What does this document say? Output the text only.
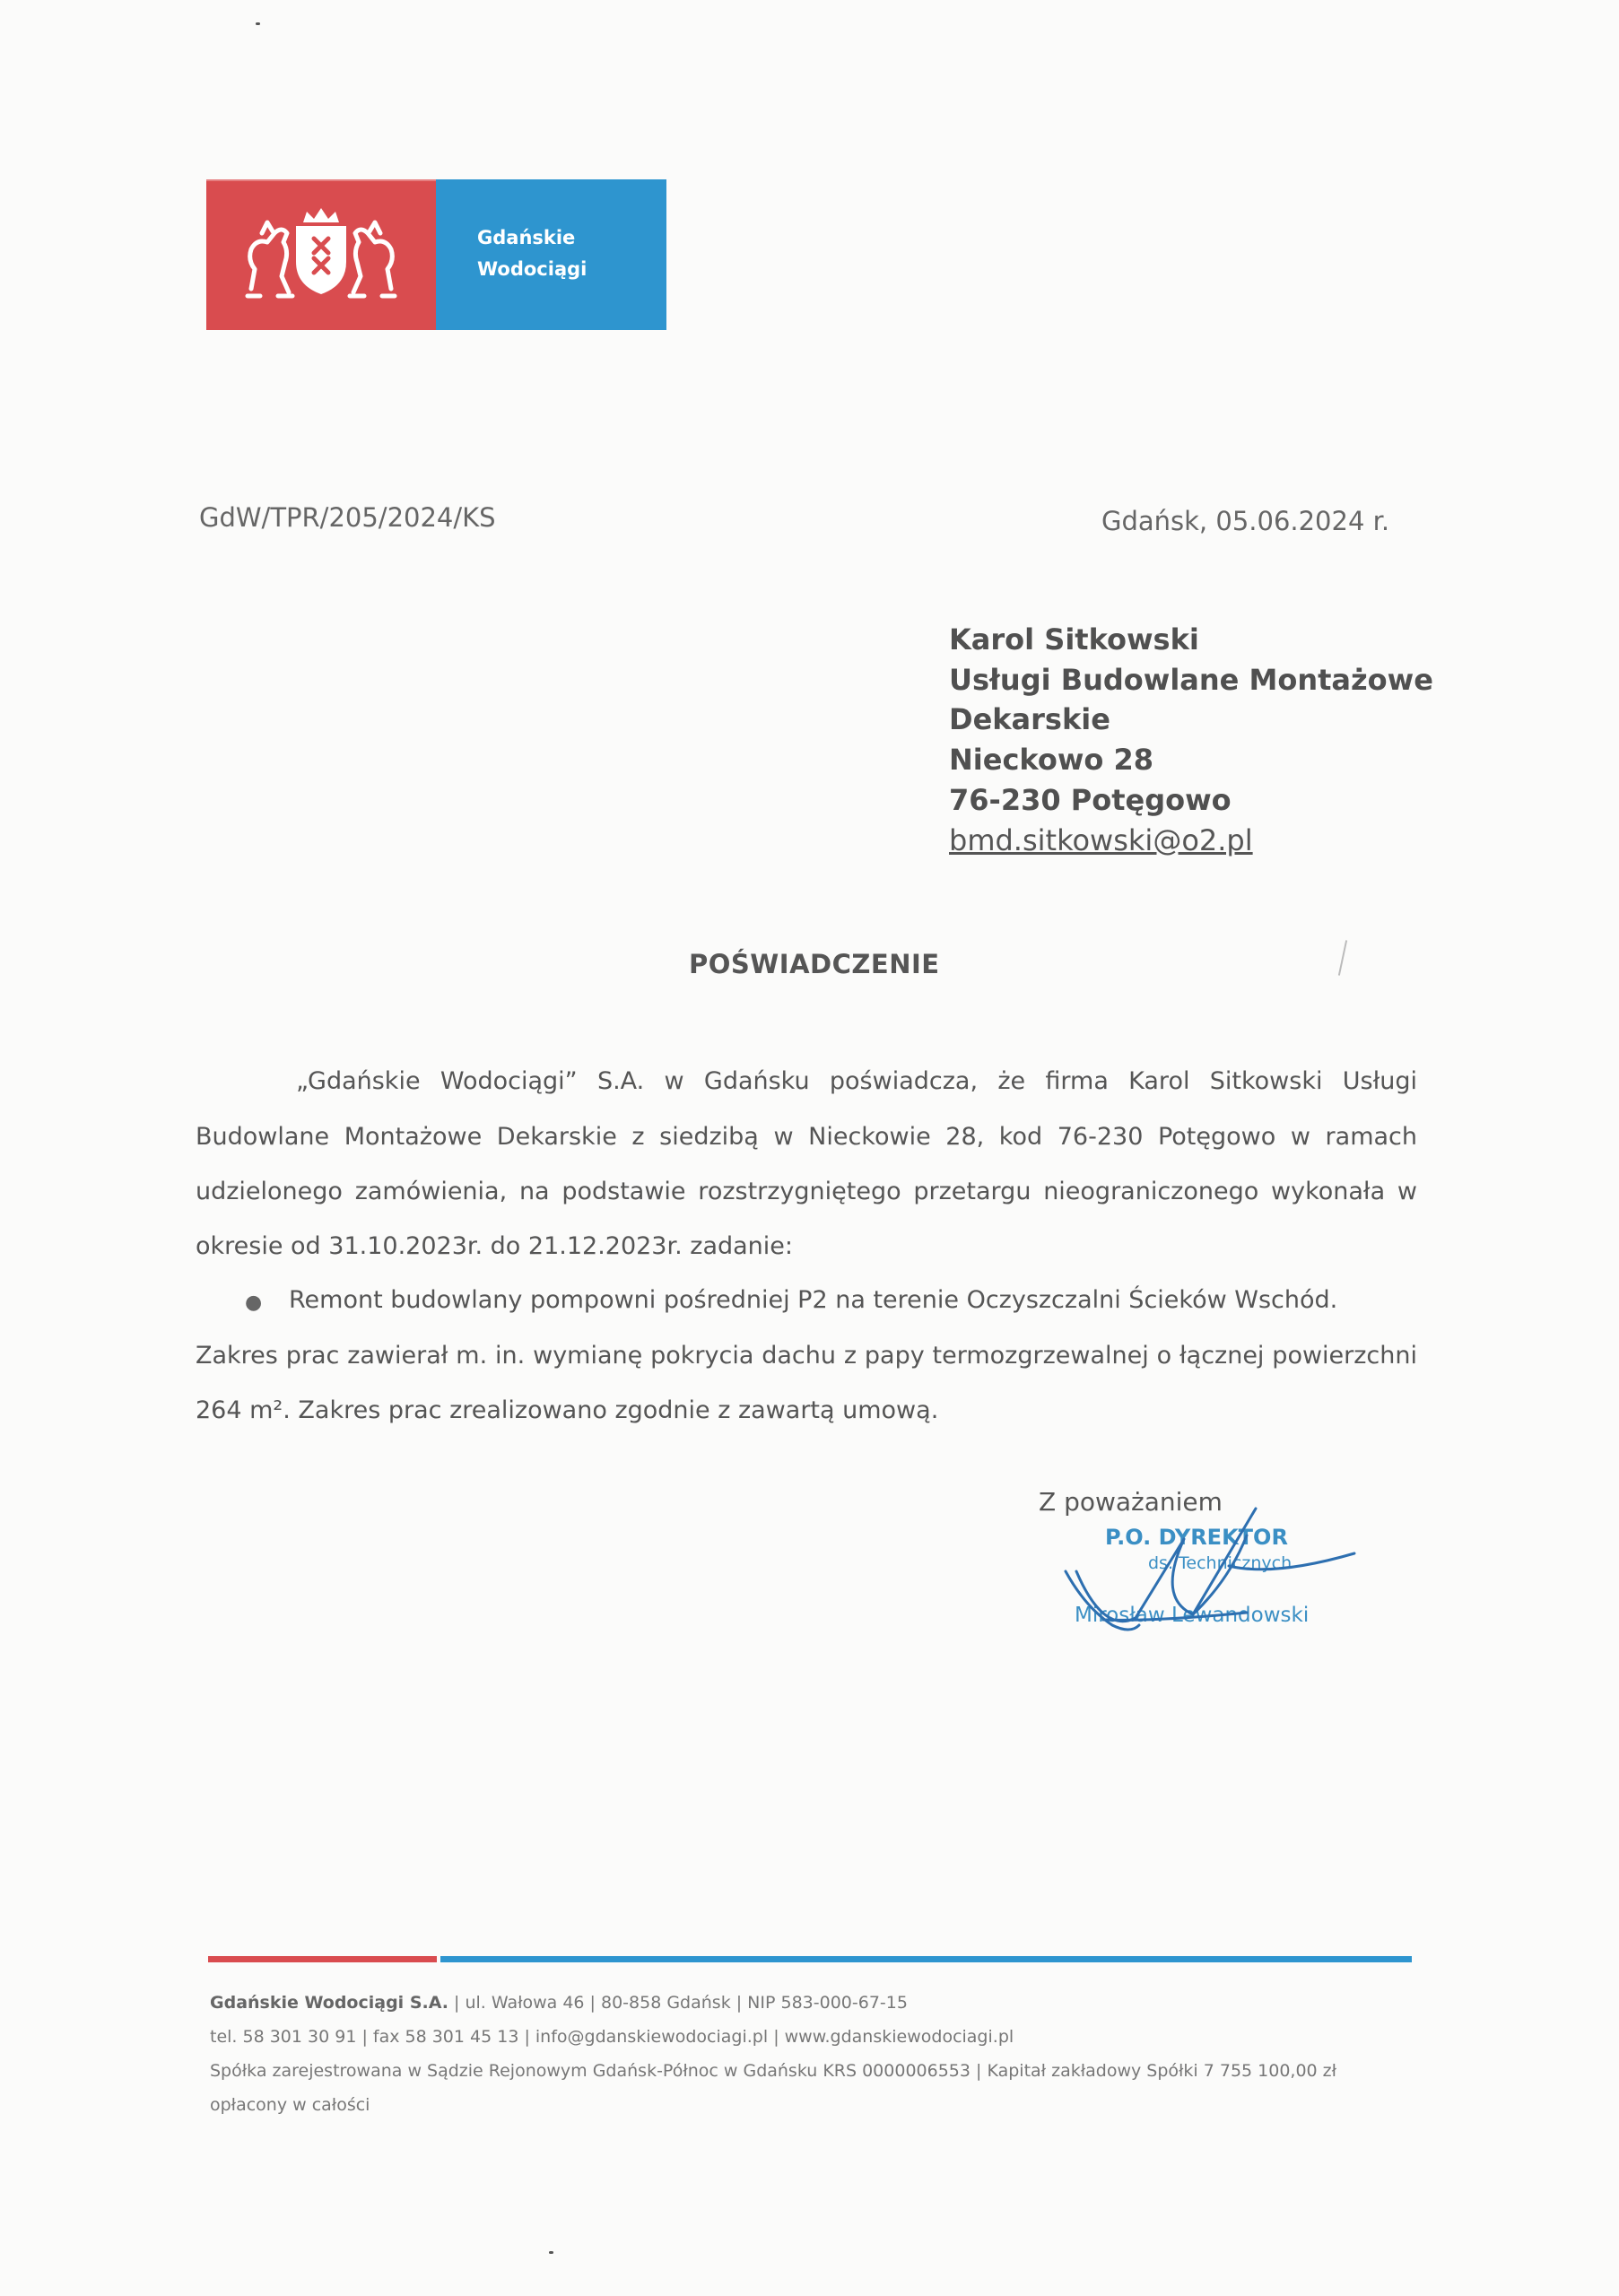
Gdańskie
Wodociągi
GdW/TPR/205/2024/KS	Gdańsk, 05.06.2024 r.
Karol Sitkowski
Usługi Budowlane Montażowe
Dekarskie
Nieckowo 28
76-230 Potęgowo
bmd.sitkowski@o2.pl
POŚWIADCZENIE
„Gdańskie Wodociągi” S.A. w Gdańsku poświadcza, że firma Karol Sitkowski Usługi
Budowlane Montażowe Dekarskie z siedzibą w Nieckowie 28, kod 76-230 Potęgowo w ramach
udzielonego zamówienia, na podstawie rozstrzygniętego przetargu nieograniczonego wykonała w
okresie od 31.10.2023r. do 21.12.2023r. zadanie:
● Remont budowlany pompowni pośredniej P2 na terenie Oczyszczalni Ścieków Wschód.
Zakres prac zawierał m. in. wymianę pokrycia dachu z papy termozgrzewalnej o łącznej powierzchni
264 m². Zakres prac zrealizowano zgodnie z zawartą umową.
Z poważaniem
P.O. DYREKTOR
ds. Technicznych
Mirosław Lewandowski
Gdańskie Wodociągi S.A. | ul. Wałowa 46 | 80-858 Gdańsk | NIP 583-000-67-15
tel. 58 301 30 91 | fax 58 301 45 13 | info@gdanskiewodociagi.pl | www.gdanskiewodociagi.pl
Spółka zarejestrowana w Sądzie Rejonowym Gdańsk-Północ w Gdańsku KRS 0000006553 | Kapitał zakładowy Spółki 7 755 100,00 zł
opłacony w całości
